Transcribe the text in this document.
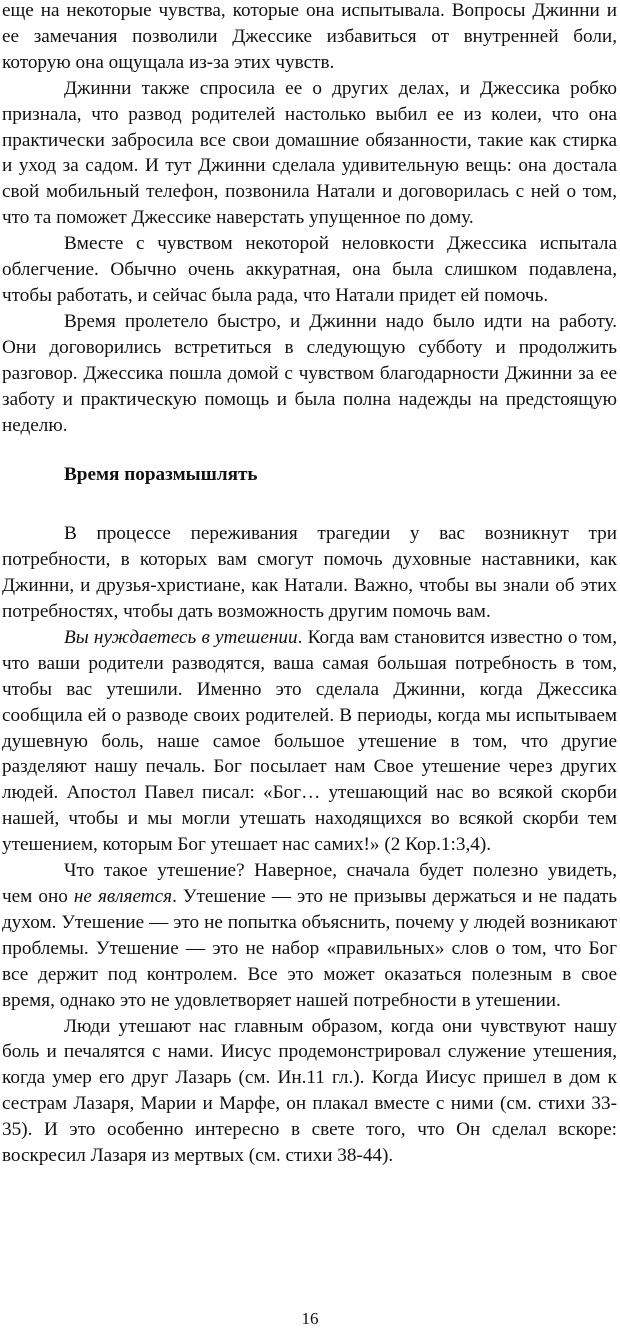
еще на некоторые чувства, которые она испытывала. Вопросы Джинни и ее замечания позволили Джессике избавиться от внутренней боли, которую она ощущала из-за этих чувств.

Джинни также спросила ее о других делах, и Джессика робко признала, что развод родителей настолько выбил ее из колеи, что она практически забросила все свои домашние обязанности, такие как стирка и уход за садом. И тут Джинни сделала удивительную вещь: она достала свой мобильный телефон, позвонила Натали и договорилась с ней о том, что та поможет Джессике наверстать упущенное по дому.

Вместе с чувством некоторой неловкости Джессика испытала облегчение. Обычно очень аккуратная, она была слишком подавлена, чтобы работать, и сейчас была рада, что Натали придет ей помочь.

Время пролетело быстро, и Джинни надо было идти на работу. Они договорились встретиться в следующую субботу и продолжить разговор. Джессика пошла домой с чувством благодарности Джинни за ее заботу и практическую помощь и была полна надежды на предстоящую неделю.

Время поразмышлять

В процессе переживания трагедии у вас возникнут три потребности, в которых вам смогут помочь духовные наставники, как Джинни, и друзья-христиане, как Натали. Важно, чтобы вы знали об этих потребностях, чтобы дать возможность другим помочь вам.

Вы нуждаетесь в утешении. Когда вам становится известно о том, что ваши родители разводятся, ваша самая большая потребность в том, чтобы вас утешили. Именно это сделала Джинни, когда Джессика сообщила ей о разводе своих родителей. В периоды, когда мы испытываем душевную боль, наше самое большое утешение в том, что другие разделяют нашу печаль. Бог посылает нам Свое утешение через других людей. Апостол Павел писал: «Бог… утешающий нас во всякой скорби нашей, чтобы и мы могли утешать находящихся во всякой скорби тем утешением, которым Бог утешает нас самих!» (2 Кор.1:3,4).

Что такое утешение? Наверное, сначала будет полезно увидеть, чем оно не является. Утешение — это не призывы держаться и не падать духом. Утешение — это не попытка объяснить, почему у людей возникают проблемы. Утешение — это не набор «правильных» слов о том, что Бог все держит под контролем. Все это может оказаться полезным в свое время, однако это не удовлетворяет нашей потребности в утешении.

Люди утешают нас главным образом, когда они чувствуют нашу боль и печалятся с нами. Иисус продемонстрировал служение утешения, когда умер его друг Лазарь (см. Ин.11 гл.). Когда Иисус пришел в дом к сестрам Лазаря, Марии и Марфе, он плакал вместе с ними (см. стихи 33-35). И это особенно интересно в свете того, что Он сделал вскоре: воскресил Лазаря из мертвых (см. стихи 38-44).

16
